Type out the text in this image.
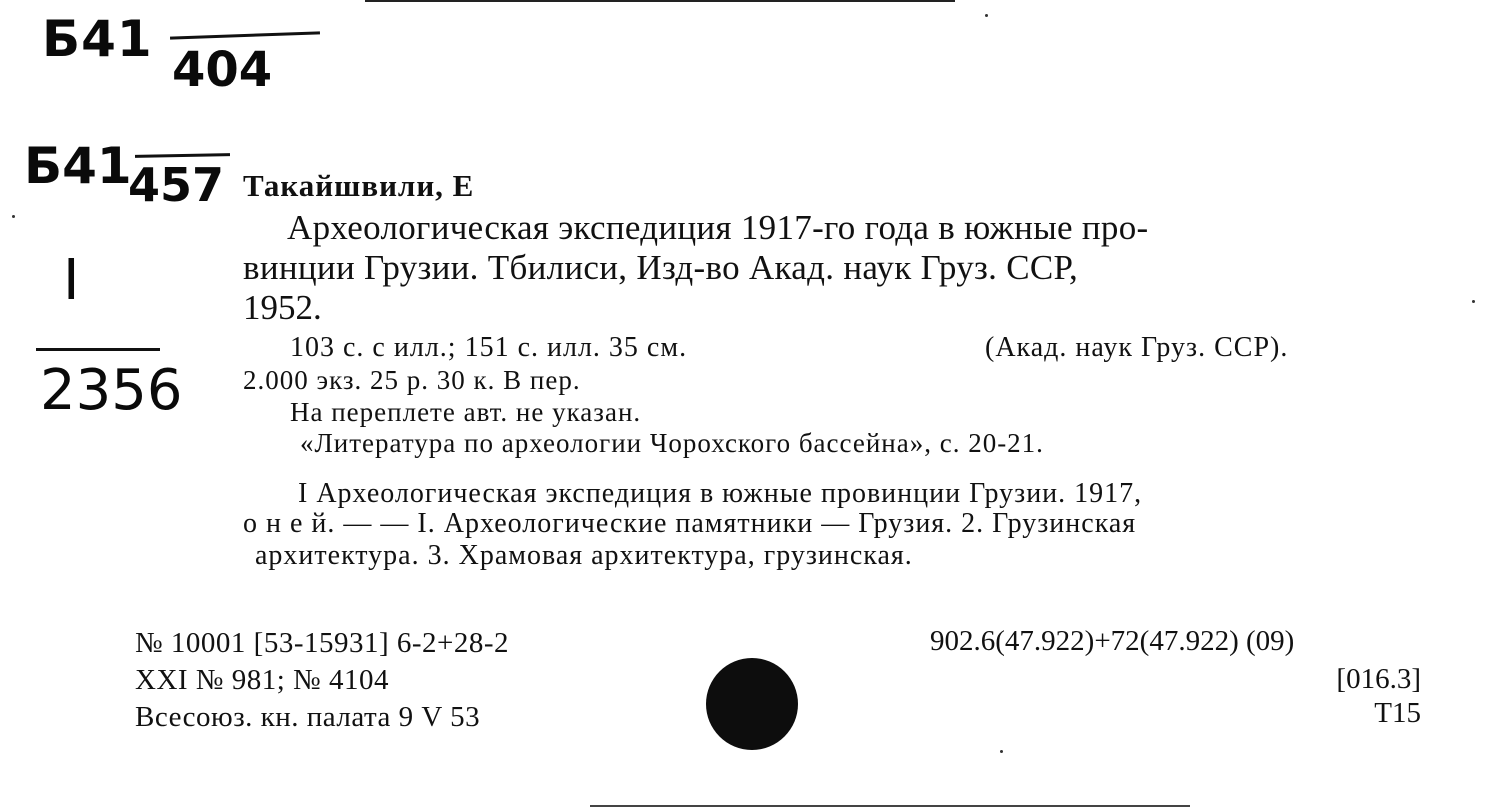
Б41
404
Б41
457
I
2356
Такайшвили, Е
Археологическая экспедиция 1917-го года в южные про-
винции Грузии. Тбилиси, Изд-во Акад. наук Груз. ССР,
1952.
103 с. с илл.; 151 с. илл. 35 см.	(Акад. наук Груз. ССР).
2.000 экз. 25 р. 30 к. В пер.
На переплете авт. не указан.
«Литература по археологии Чорохского бассейна», с. 20-21.
I Археологическая экспедиция в южные провинции Грузии. 1917,
о н е й. — — I. Археологические памятники — Грузия. 2. Грузинская
архитектура. 3. Храмовая архитектура, грузинская.
№ 10001 [53-15931] 6-2+28-2
XXI № 981; № 4104
Всесоюз. кн. палата 9 V 53
902.6(47.922)+72(47.922) (09)
[016.3]
Т15
